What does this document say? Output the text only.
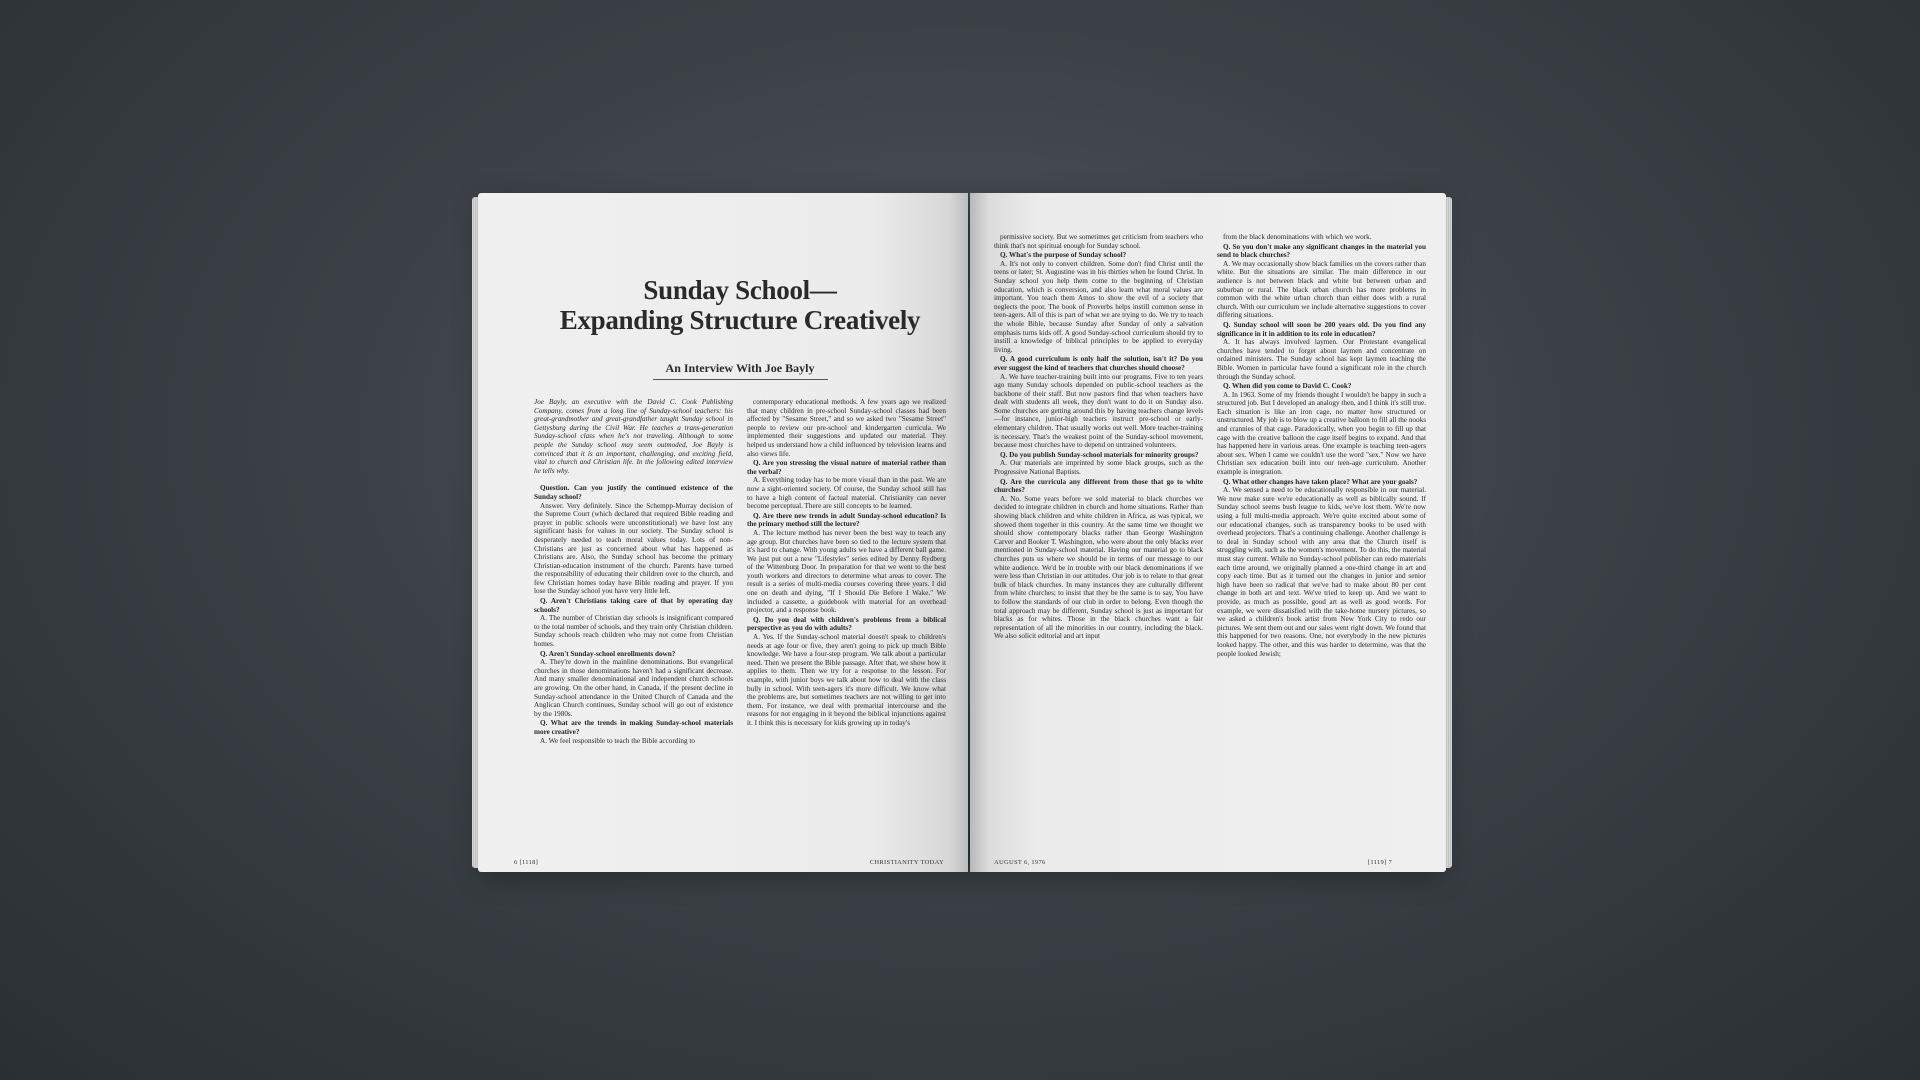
Sunday School—
Expanding Structure Creatively
An Interview With Joe Bayly

Joe Bayly, an executive with the David C. Cook Publishing Company, comes from a long line of Sunday-school teachers: his great-grandmother and great-grandfather taught Sunday school in Gettysburg during the Civil War. He teaches a trans-generation Sunday-school class when he's not traveling. Although to some people the Sunday school may seem outmoded, Joe Bayly is convinced that it is an important, challenging, and exciting field, vital to church and Christian life. In the following edited interview he tells why.

Question. Can you justify the continued existence of the Sunday school?

Answer. Very definitely. Since the Schempp-Murray decision of the Supreme Court (which declared that required Bible reading and prayer in public schools were unconstitutional) we have lost any significant basis for values in our society. The Sunday school is desperately needed to teach moral values today. Lots of non-Christians are just as concerned about what has happened as Christians are. Also, the Sunday school has become the primary Christian-education instrument of the church. Parents have turned the responsibility of educating their children over to the church, and few Christian homes today have Bible reading and prayer. If you lose the Sunday school you have very little left.

Q. Aren't Christians taking care of that by operating day schools?

A. The number of Christian day schools is insignificant compared to the total number of schools, and they train only Christian children. Sunday schools reach children who may not come from Christian homes.

Q. Aren't Sunday-school enrollments down?

A. They're down in the mainline denominations. But evangelical churches in those denominations haven't had a significant decrease. And many smaller denominational and independent church schools are growing. On the other hand, in Canada, if the present decline in Sunday-school attendance in the United Church of Canada and the Anglican Church continues, Sunday school will go out of existence by the 1980s.

Q. What are the trends in making Sunday-school materials more creative?

A. We feel responsible to teach the Bible according to

contemporary educational methods. A few years ago we realized that many children in pre-school Sunday-school classes had been affected by "Sesame Street," and so we asked two "Sesame Street" people to review our pre-school and kindergarten curricula. We implemented their suggestions and updated our material. They helped us understand how a child influenced by television learns and also views life.

Q. Are you stressing the visual nature of material rather than the verbal?

A. Everything today has to be more visual than in the past. We are now a sight-oriented society. Of course, the Sunday school still has to have a high content of factual material. Christianity can never become perceptual. There are still concepts to be learned.

Q. Are there new trends in adult Sunday-school education? Is the primary method still the lecture?

A. The lecture method has never been the best way to teach any age group. But churches have been so tied to the lecture system that it's hard to change. With young adults we have a different ball game. We just put out a new "Lifestyles" series edited by Denny Rydberg of the Wittenburg Door. In preparation for that we went to the best youth workers and directors to determine what areas to cover. The result is a series of multi-media courses covering three years. I did one on death and dying, "If I Should Die Before I Wake." We included a cassette, a guidebook with material for an overhead projector, and a response book.

Q. Do you deal with children's problems from a biblical perspective as you do with adults?

A. Yes. If the Sunday-school material doesn't speak to children's needs at age four or five, they aren't going to pick up much Bible knowledge. We have a four-step program. We talk about a particular need. Then we present the Bible passage. After that, we show how it applies to them. Then we try for a response to the lesson. For example, with junior boys we talk about how to deal with the class bully in school. With teen-agers it's more difficult. We know what the problems are, but sometimes teachers are not willing to get into them. For instance, we deal with premarital intercourse and the reasons for not engaging in it beyond the biblical injunctions against it. I think this is necessary for kids growing up in today's

6 [1118]	CHRISTIANITY TODAY

permissive society. But we sometimes get criticism from teachers who think that's not spiritual enough for Sunday school.

Q. What's the purpose of Sunday school?

A. It's not only to convert children. Some don't find Christ until the teens or later; St. Augustine was in his thirties when he found Christ. In Sunday school you help them come to the beginning of Christian education, which is conversion, and also learn what moral values are important. You teach them Amos to show the evil of a society that neglects the poor. The book of Proverbs helps instill common sense in teen-agers. All of this is part of what we are trying to do. We try to teach the whole Bible, because Sunday after Sunday of only a salvation emphasis turns kids off. A good Sunday-school curriculum should try to instill a knowledge of biblical principles to be applied to everyday living.

Q. A good curriculum is only half the solution, isn't it? Do you ever suggest the kind of teachers that churches should choose?

A. We have teacher-training built into our programs. Five to ten years ago many Sunday schools depended on public-school teachers as the backbone of their staff. But now pastors find that when teachers have dealt with students all week, they don't want to do it on Sunday also. Some churches are getting around this by having teachers change levels—for instance, junior-high teachers instruct pre-school or early-elementary children. That usually works out well. More teacher-training is necessary. That's the weakest point of the Sunday-school movement, because most churches have to depend on untrained volunteers.

Q. Do you publish Sunday-school materials for minority groups?

A. Our materials are imprinted by some black groups, such as the Progressive National Baptists.

Q. Are the curricula any different from those that go to white churches?

A. No. Some years before we sold material to black churches we decided to integrate children in church and home situations. Rather than showing black children and white children in Africa, as was typical, we showed them together in this country. At the same time we thought we should show contemporary blacks rather than George Washington Carver and Booker T. Washington, who were about the only blacks ever mentioned in Sunday-school material. Having our material go to black churches puts us where we should be in terms of our message to our white audience. We'd be in trouble with our black denominations if we were less than Christian in our attitudes. Our job is to relate to that great bulk of black churches. In many instances they are culturally different from white churches; to insist that they be the same is to say, You have to follow the standards of our club in order to belong. Even though the total approach may be different, Sunday school is just as important for blacks as for whites. Those in the black churches want a fair representation of all the minorities in our country, including the black. We also solicit editorial and art input

from the black denominations with which we work.

Q. So you don't make any significant changes in the material you send to black churches?

A. We may occasionally show black families on the covers rather than white. But the situations are similar. The main difference in our audience is not between black and white but between urban and suburban or rural. The black urban church has more problems in common with the white urban church than either does with a rural church. With our curriculum we include alternative suggestions to cover differing situations.

Q. Sunday school will soon be 200 years old. Do you find any significance in it in addition to its role in education?

A. It has always involved laymen. Our Protestant evangelical churches have tended to forget about laymen and concentrate on ordained ministers. The Sunday school has kept laymen teaching the Bible. Women in particular have found a significant role in the church through the Sunday school.

Q. When did you come to David C. Cook?

A. In 1963. Some of my friends thought I wouldn't be happy in such a structured job. But I developed an analogy then, and I think it's still true. Each situation is like an iron cage, no matter how structured or unstructured. My job is to blow up a creative balloon to fill all the nooks and crannies of that cage. Paradoxically, when you begin to fill up that cage with the creative balloon the cage itself begins to expand. And that has happened here in various areas. One example is teaching teen-agers about sex. When I came we couldn't use the word "sex." Now we have Christian sex education built into our teen-age curriculum. Another example is integration.

Q. What other changes have taken place? What are your goals?

A. We sensed a need to be educationally responsible in our material. We now make sure we're educationally as well as biblically sound. If Sunday school seems bush league to kids, we've lost them. We're now using a full multi-media approach. We're quite excited about some of our educational changes, such as transparency books to be used with overhead projectors. That's a continuing challenge. Another challenge is to deal in Sunday school with any area that the Church itself is struggling with, such as the women's movement. To do this, the material must stay current. While no Sunday-school publisher can redo materials each time around, we originally planned a one-third change in art and copy each time. But as it turned out the changes in junior and senior high have been so radical that we've had to make about 80 per cent change in both art and text. We've tried to keep up. And we want to provide, as much as possible, good art as well as good words. For example, we were dissatisfied with the take-home nursery pictures, so we asked a children's book artist from New York City to redo our pictures. We sent them out and our sales went right down. We found that this happened for two reasons. One, not everybody in the new pictures looked happy. The other, and this was harder to determine, was that the people looked Jewish;

AUGUST 6, 1976	[1119] 7
